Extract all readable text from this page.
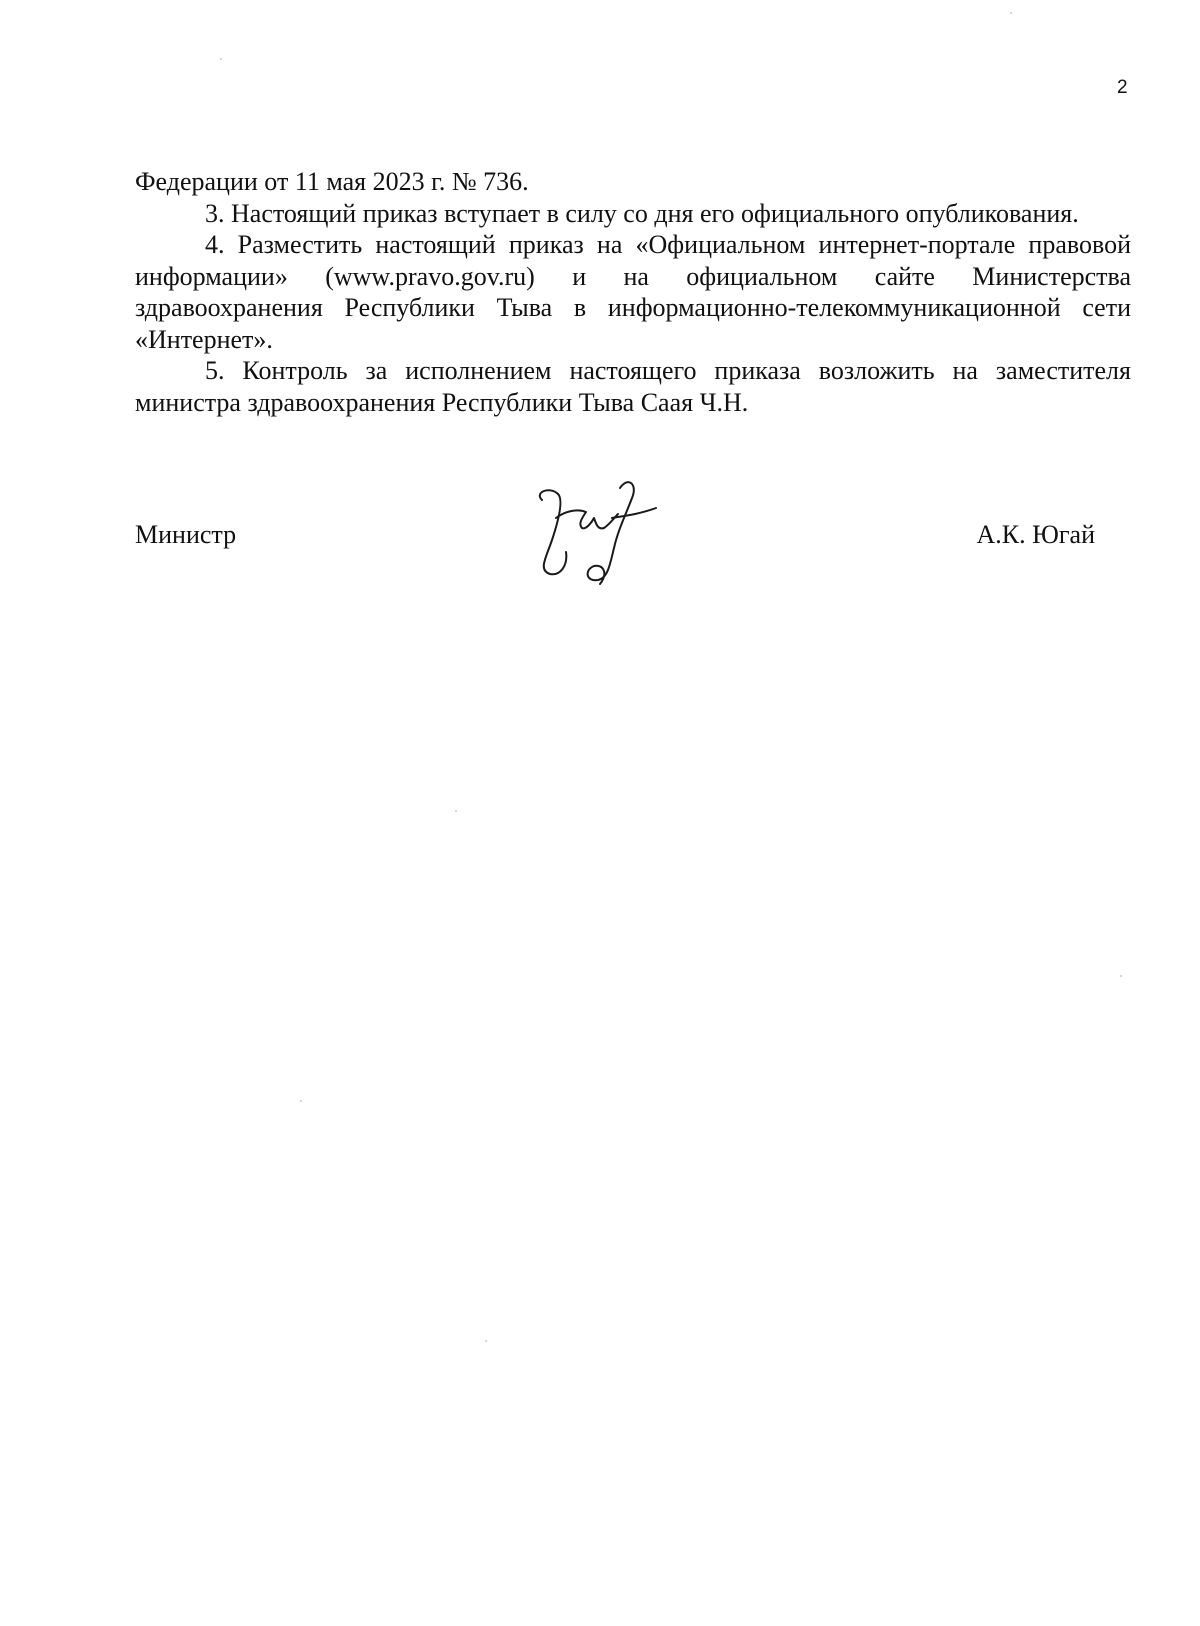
2

Федерации от 11 мая 2023 г. № 736.

3. Настоящий приказ вступает в силу со дня его официального опубликования.

4. Разместить настоящий приказ на «Официальном интернет-портале правовой информации» (www.pravo.gov.ru) и на официальном сайте Министерства здравоохранения Республики Тыва в информационно-телекоммуникационной сети «Интернет».

5. Контроль за исполнением настоящего приказа возложить на заместителя министра здравоохранения Республики Тыва Саая Ч.Н.

Министр	А.К. Югай
